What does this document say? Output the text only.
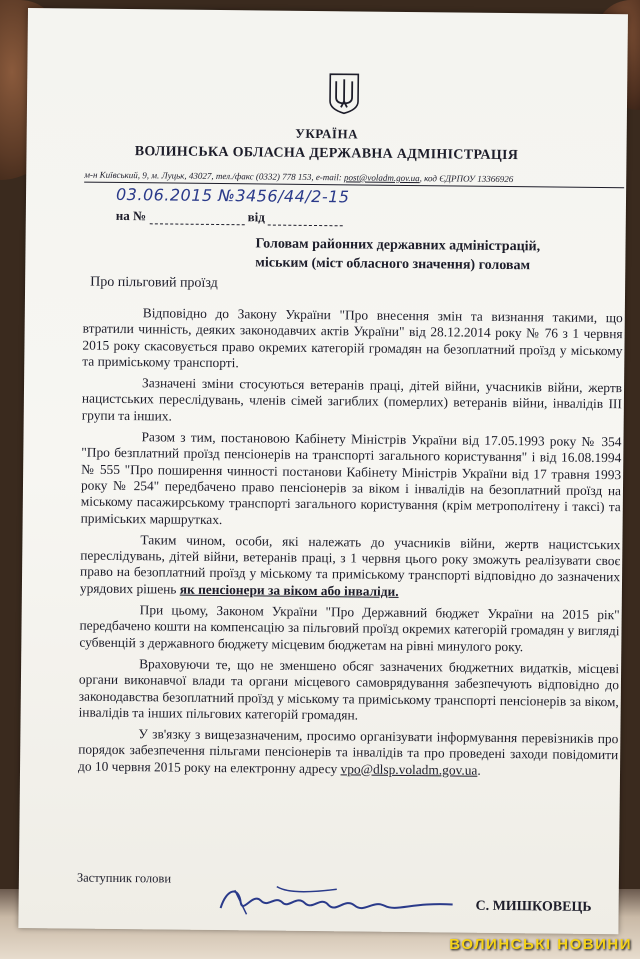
УКРАЇНА
ВОЛИНСЬКА ОБЛАСНА ДЕРЖАВНА АДМІНІСТРАЦІЯ
м-н Київський, 9, м. Луцьк, 43027, тел./факс (0332) 778 153, e-mail: post@voladm.gov.ua, код ЄДРПОУ 13366926
03.06.2015 №3456/44/2-15
на №	від
Головам районних державних адміністрацій,
міським (міст обласного значення) головам
Про пільговий проїзд

Відповідно до Закону України "Про внесення змін та визнання такими, що втратили чинність, деяких законодавчих актів України" від 28.12.2014 року № 76 з 1 червня 2015 року скасовується право окремих категорій громадян на безоплатний проїзд у міському та приміському транспорті.

Зазначені зміни стосуються ветеранів праці, дітей війни, учасників війни, жертв нацистських переслідувань, членів сімей загиблих (померлих) ветеранів війни, інвалідів ІІІ групи та інших.

Разом з тим, постановою Кабінету Міністрів України від 17.05.1993 року № 354 "Про безплатний проїзд пенсіонерів на транспорті загального користування" і від 16.08.1994 № 555 "Про поширення чинності постанови Кабінету Міністрів України від 17 травня 1993 року № 254" передбачено право пенсіонерів за віком і інвалідів на безоплатний проїзд на міському пасажирському транспорті загального користування (крім метрополітену і таксі) та приміських маршрутках.

Таким чином, особи, які належать до учасників війни, жертв нацистських переслідувань, дітей війни, ветеранів праці, з 1 червня цього року зможуть реалізувати своє право на безоплатний проїзд у міському та приміському транспорті відповідно до зазначених урядових рішень як пенсіонери за віком або інваліди.

При цьому, Законом України "Про Державний бюджет України на 2015 рік" передбачено кошти на компенсацію за пільговий проїзд окремих категорій громадян у вигляді субвенцій з державного бюджету місцевим бюджетам на рівні минулого року.

Враховуючи те, що не зменшено обсяг зазначених бюджетних видатків, місцеві органи виконавчої влади та органи місцевого самоврядування забезпечують відповідно до законодавства безоплатний проїзд у міському та приміському транспорті пенсіонерів за віком, інвалідів та інших пільгових категорій громадян.

У зв'язку з вищезазначеним, просимо організувати інформування перевізників про порядок забезпечення пільгами пенсіонерів та інвалідів та про проведені заходи повідомити до 10 червня 2015 року на електронну адресу vpo@dlsp.voladm.gov.ua.

Заступник голови
С. МИШКОВЕЦЬ
ВОЛИНСЬКІ НОВИНИ
